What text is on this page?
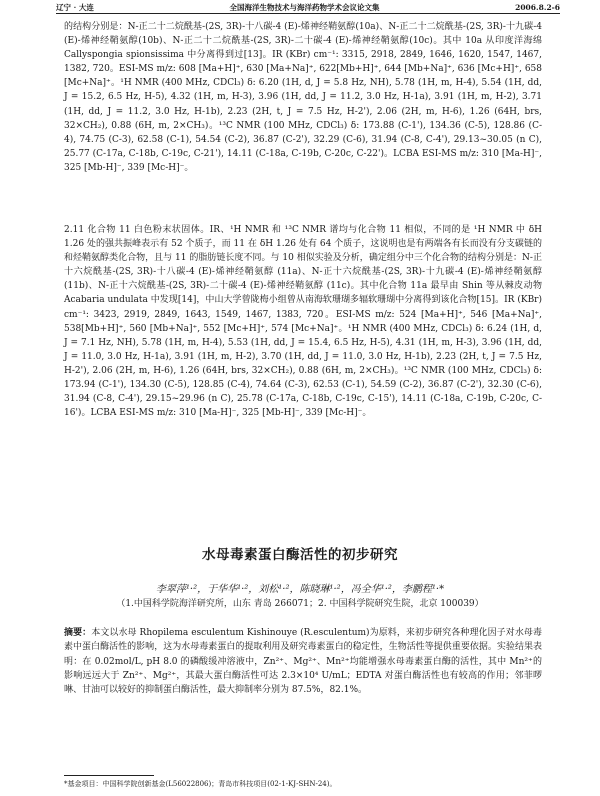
辽宁 · 大连	全国海洋生物技术与海洋药物学术会议论文集	2006.8.2-6

的结构分别是：N-正二十二烷酰基-(2S, 3R)-十八碳-4 (E)-烯神经鞘氨醇(10a)、N-正二十二烷酰基-(2S, 3R)-十九碳-4 (E)-烯神经鞘氨醇(10b)、N-正二十二烷酰基-(2S, 3R)-二十碳-4 (E)-烯神经鞘氨醇(10c)。其中 10a 从印度洋海绵 Callyspongia spionsissima 中分离得到过[13]。IR (KBr) cm⁻¹: 3315, 2918, 2849, 1646, 1620, 1547, 1467, 1382, 720。ESI-MS m/z: 608 [Ma+H]⁺, 630 [Ma+Na]⁺, 622[Mb+H]⁺, 644 [Mb+Na]⁺, 636 [Mc+H]⁺, 658 [Mc+Na]⁺。¹H NMR (400 MHz, CDCl₃) δ: 6.20 (1H, d, J = 5.8 Hz, NH), 5.78 (1H, m, H-4), 5.54 (1H, dd, J = 15.2, 6.5 Hz, H-5), 4.32 (1H, m, H-3), 3.96 (1H, dd, J = 11.2, 3.0 Hz, H-1a), 3.91 (1H, m, H-2), 3.71 (1H, dd, J = 11.2, 3.0 Hz, H-1b), 2.23 (2H, t, J = 7.5 Hz, H-2'), 2.06 (2H, m, H-6), 1.26 (64H, brs, 32×CH₂), 0.88 (6H, m, 2×CH₃)。¹³C NMR (100 MHz, CDCl₃) δ: 173.88 (C-1'), 134.36 (C-5), 128.86 (C-4), 74.75 (C-3), 62.58 (C-1), 54.54 (C-2), 36.87 (C-2'), 32.29 (C-6), 31.94 (C-8, C-4'), 29.13~30.05 (n C), 25.77 (C-17a, C-18b, C-19c, C-21'), 14.11 (C-18a, C-19b, C-20c, C-22')。LCBA ESI-MS m/z: 310 [Ma-H]⁻, 325 [Mb-H]⁻, 339 [Mc-H]⁻。

2.11 化合物 11 白色粉末状固体。IR、¹H NMR 和 ¹³C NMR 谱均与化合物 11 相似，不同的是 ¹H NMR 中 δH 1.26 处的强共振峰表示有 52 个质子，而 11 在 δH 1.26 处有 64 个质子，这说明也是有两端各有长而没有分支碳链的和烃鞘氨醇类化合物，且与 11 的脂肪链长度不同。与 10 相似实验及分析，确定组分中三个化合物的结构分别是：N-正十六烷酰基-(2S, 3R)-十八碳-4 (E)-烯神经鞘氨醇 (11a)、N-正十六烷酰基-(2S, 3R)-十九碳-4 (E)-烯神经鞘氨醇 (11b)、N-正十六烷酰基-(2S, 3R)-二十碳-4 (E)-烯神经鞘氨醇 (11c)。其中化合物 11a 最早由 Shin 等从棘皮动物 Acabaria undulata 中发现[14]，中山大学曾陇梅小组曾从南海软珊瑚多辐软珊瑚中分离得到该化合物[15]。IR (KBr) cm⁻¹: 3423, 2919, 2849, 1643, 1549, 1467, 1383, 720。ESI-MS m/z: 524 [Ma+H]⁺, 546 [Ma+Na]⁺, 538[Mb+H]⁺, 560 [Mb+Na]⁺, 552 [Mc+H]⁺, 574 [Mc+Na]⁺。¹H NMR (400 MHz, CDCl₃) δ: 6.24 (1H, d, J = 7.1 Hz, NH), 5.78 (1H, m, H-4), 5.53 (1H, dd, J = 15.4, 6.5 Hz, H-5), 4.31 (1H, m, H-3), 3.96 (1H, dd, J = 11.0, 3.0 Hz, H-1a), 3.91 (1H, m, H-2), 3.70 (1H, dd, J = 11.0, 3.0 Hz, H-1b), 2.23 (2H, t, J = 7.5 Hz, H-2'), 2.06 (2H, m, H-6), 1.26 (64H, brs, 32×CH₂), 0.88 (6H, m, 2×CH₃)。¹³C NMR (100 MHz, CDCl₃) δ: 173.94 (C-1'), 134.30 (C-5), 128.85 (C-4), 74.64 (C-3), 62.53 (C-1), 54.59 (C-2), 36.87 (C-2'), 32.30 (C-6), 31.94 (C-8, C-4'), 29.15~29.96 (n C), 25.78 (C-17a, C-18b, C-19c, C-15'), 14.11 (C-18a, C-19b, C-20c, C-16')。LCBA ESI-MS m/z: 310 [Ma-H]⁻, 325 [Mb-H]⁻, 339 [Mc-H]⁻。

水母毒素蛋白酶活性的初步研究
李翠萍¹·²，于华华¹·²，刘松¹·²，陈晓琳¹·²，冯全华¹·²，李鹏程¹·*
（1.中国科学院海洋研究所，山东 青岛 266071；2. 中国科学院研究生院，北京 100039）
摘要：本文以水母 Rhopilema esculentum Kishinouye (R.esculentum)为原料，来初步研究各种理化因子对水母毒素中蛋白酶活性的影响，这为水母毒素蛋白的提取利用及研究毒素蛋白的稳定性，生物活性等提供重要依据。实验结果表明：在 0.02mol/L, pH 8.0 的磷酸缓冲溶液中，Zn²⁺、Mg²⁺、Mn²⁺均能增强水母毒素蛋白酶的活性，其中 Mn²⁺的影响远远大于 Zn²⁺、Mg²⁺，其最大蛋白酶活性可达 2.3×10⁴ U/mL；EDTA 对蛋白酶活性也有较高的作用；邻菲啰啉、甘油可以较好的抑制蛋白酶活性，最大抑制率分别为 87.5%，82.1%。
*基金项目：中国科学院创新基金(L56022806)；青岛市科技项目(02-1-KJ-SHN-24)。
